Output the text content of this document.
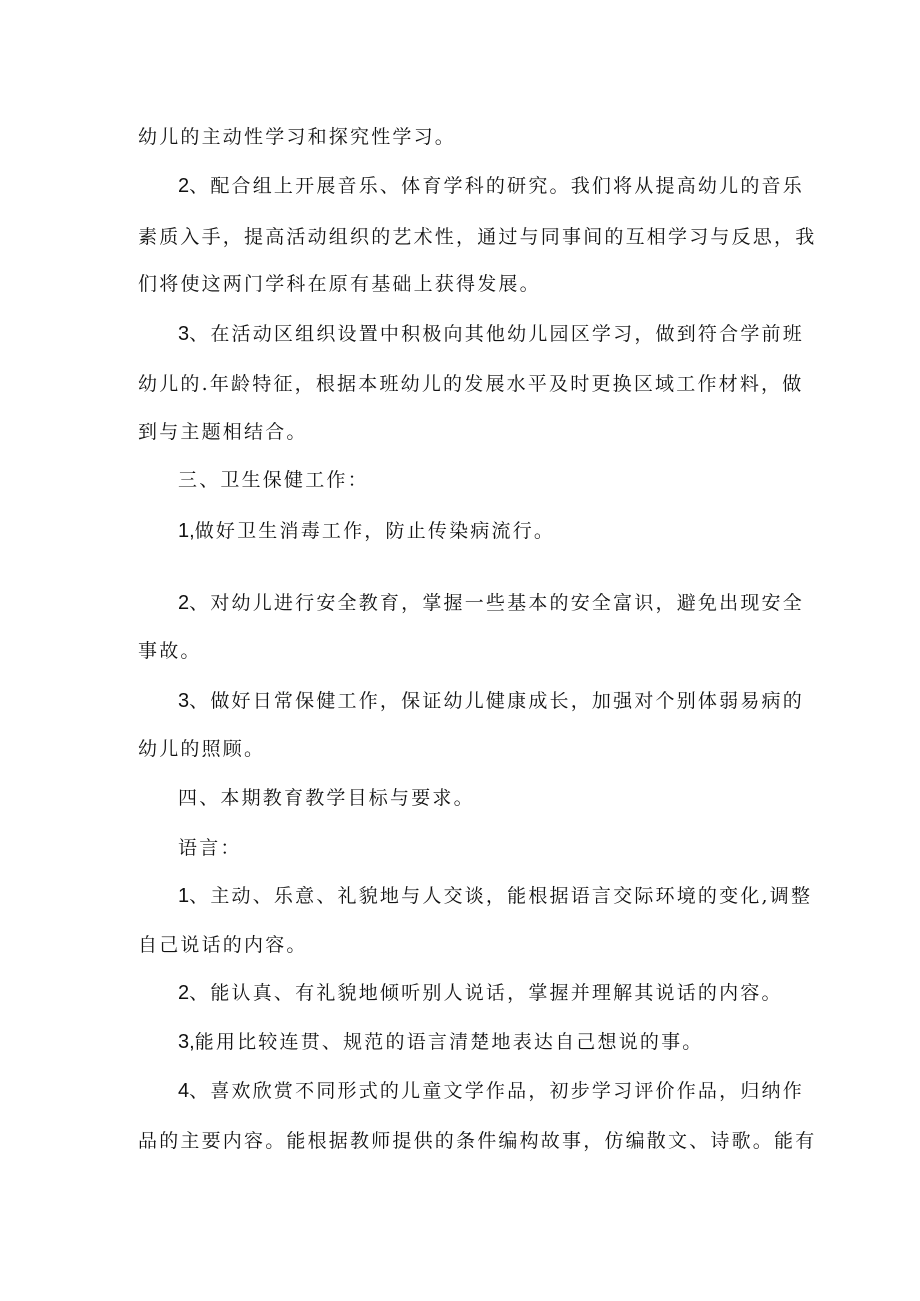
幼儿的主动性学习和探究性学习。
2、配合组上开展音乐、体育学科的研究。我们将从提高幼儿的音乐
素质入手，提高活动组织的艺术性，通过与同事间的互相学习与反思，我
们将使这两门学科在原有基础上获得发展。
3、在活动区组织设置中积极向其他幼儿园区学习，做到符合学前班
幼儿的.年龄特征，根据本班幼儿的发展水平及时更换区域工作材料，做
到与主题相结合。
三、卫生保健工作：
1,做好卫生消毒工作，防止传染病流行。
2、对幼儿进行安全教育，掌握一些基本的安全富识，避免出现安全
事故。
3、做好日常保健工作，保证幼儿健康成长，加强对个别体弱易病的
幼儿的照顾。
四、本期教育教学目标与要求。
语言：
1、主动、乐意、礼貌地与人交谈，能根据语言交际环境的变化,调整
自己说话的内容。
2、能认真、有礼貌地倾听别人说话，掌握并理解其说话的内容。
3,能用比较连贯、规范的语言清楚地表达自己想说的事。
4、喜欢欣赏不同形式的儿童文学作品，初步学习评价作品，归纳作
品的主要内容。能根据教师提供的条件编构故事，仿编散文、诗歌。能有
